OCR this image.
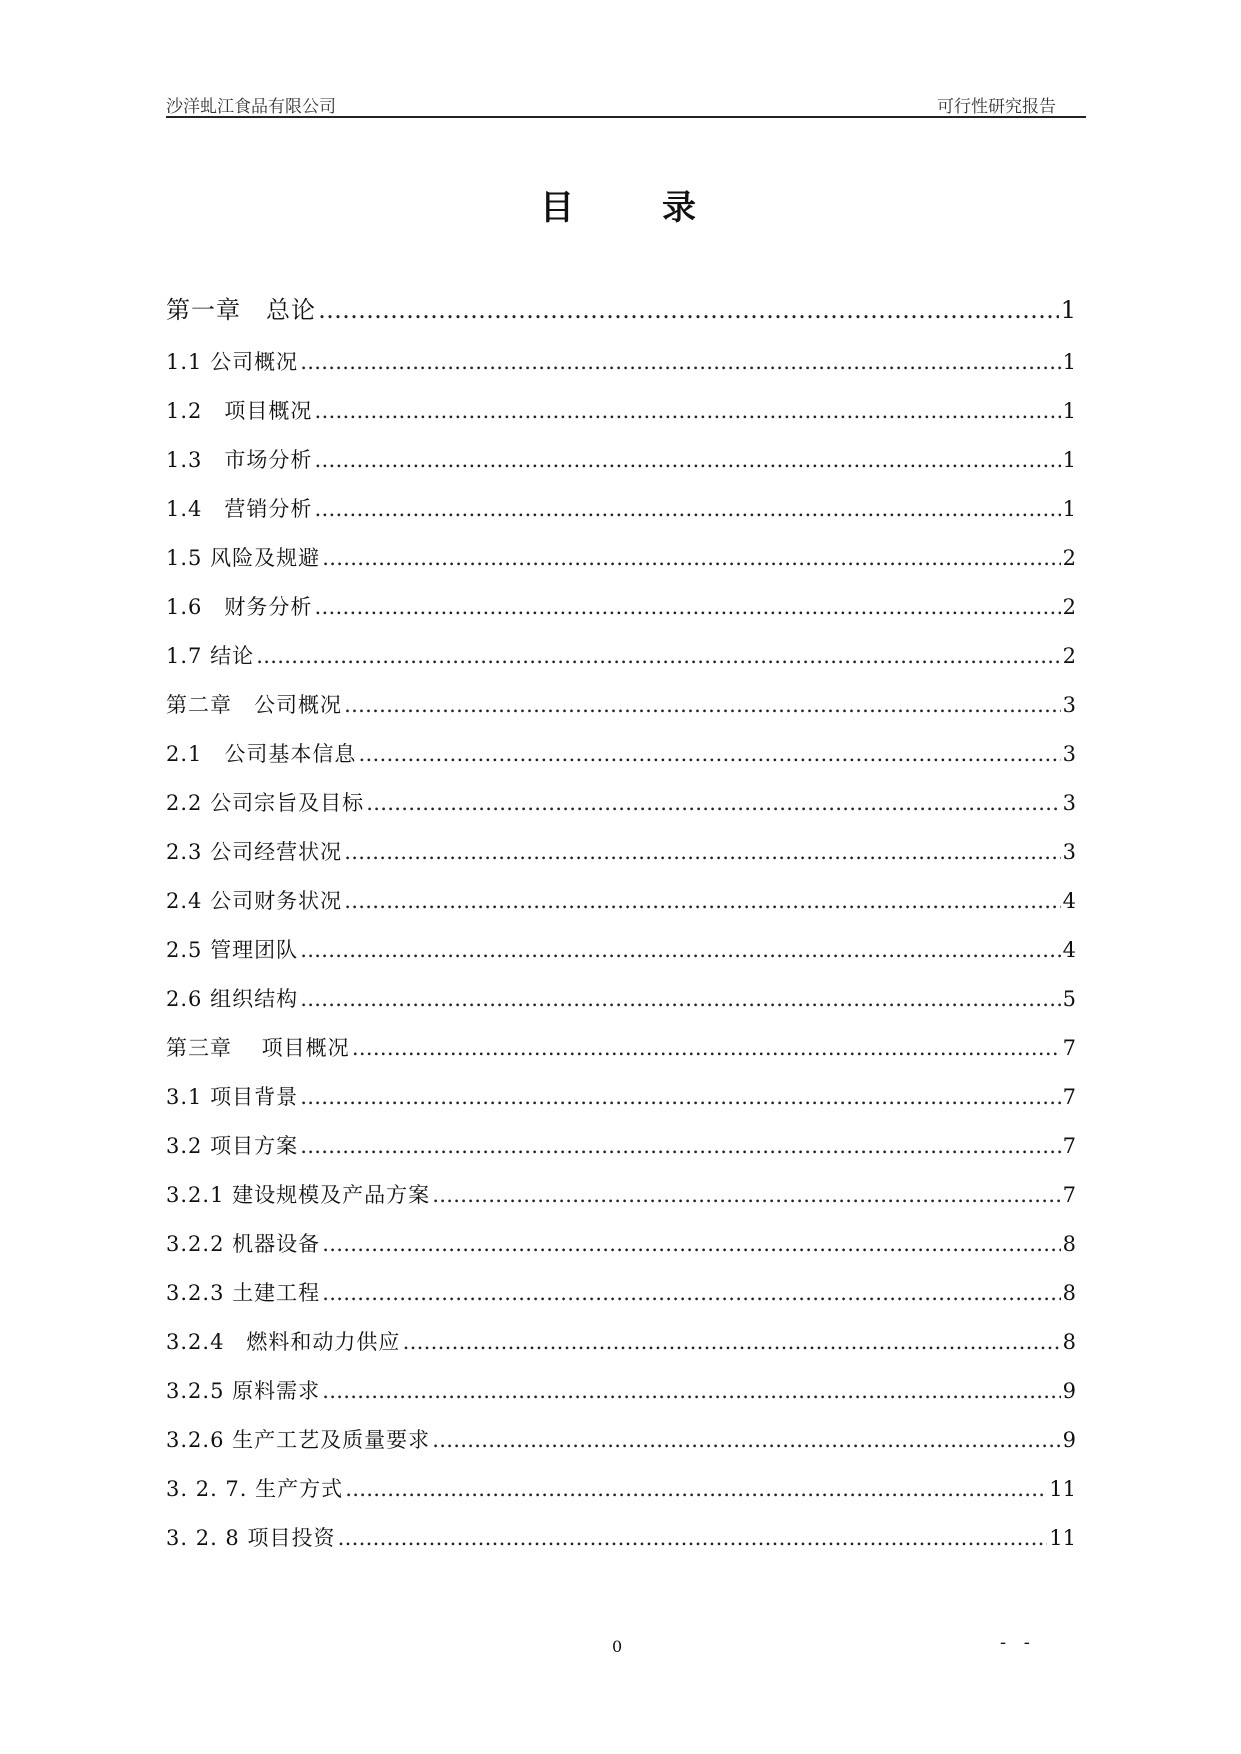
沙洋虬江食品有限公司	可行性研究报告
目	录
第一章　总论 …………………………………………………………………………………………………………………………………………………………………………	1
1.1 公司概况 …………………………………………………………………………………………………………………………………………………………………………	1
1.2　项目概况 …………………………………………………………………………………………………………………………………………………………………………	1
1.3　市场分析 …………………………………………………………………………………………………………………………………………………………………………	1
1.4　营销分析 …………………………………………………………………………………………………………………………………………………………………………	1
1.5 风险及规避 …………………………………………………………………………………………………………………………………………………………………………	2
1.6　财务分析 …………………………………………………………………………………………………………………………………………………………………………	2
1.7 结论 …………………………………………………………………………………………………………………………………………………………………………	2
第二章　公司概况 …………………………………………………………………………………………………………………………………………………………………………	3
2.1　公司基本信息 …………………………………………………………………………………………………………………………………………………………………………	3
2.2 公司宗旨及目标 …………………………………………………………………………………………………………………………………………………………………………	3
2.3 公司经营状况 …………………………………………………………………………………………………………………………………………………………………………	3
2.4 公司财务状况 …………………………………………………………………………………………………………………………………………………………………………	4
2.5 管理团队 …………………………………………………………………………………………………………………………………………………………………………	4
2.6 组织结构 …………………………………………………………………………………………………………………………………………………………………………	5
第三章　 项目概况 …………………………………………………………………………………………………………………………………………………………………………	7
3.1 项目背景 …………………………………………………………………………………………………………………………………………………………………………	7
3.2 项目方案 …………………………………………………………………………………………………………………………………………………………………………	7
3.2.1 建设规模及产品方案 …………………………………………………………………………………………………………………………………………………………………………	7
3.2.2 机器设备 …………………………………………………………………………………………………………………………………………………………………………	8
3.2.3 土建工程 …………………………………………………………………………………………………………………………………………………………………………	8
3.2.4　燃料和动力供应 …………………………………………………………………………………………………………………………………………………………………………	8
3.2.5 原料需求 …………………………………………………………………………………………………………………………………………………………………………	9
3.2.6 生产工艺及质量要求 …………………………………………………………………………………………………………………………………………………………………………	9
3. 2. 7. 生产方式 …………………………………………………………………………………………………………………………………………………………………………	11
3. 2. 8 项目投资 …………………………………………………………………………………………………………………………………………………………………………	11
0	- -
